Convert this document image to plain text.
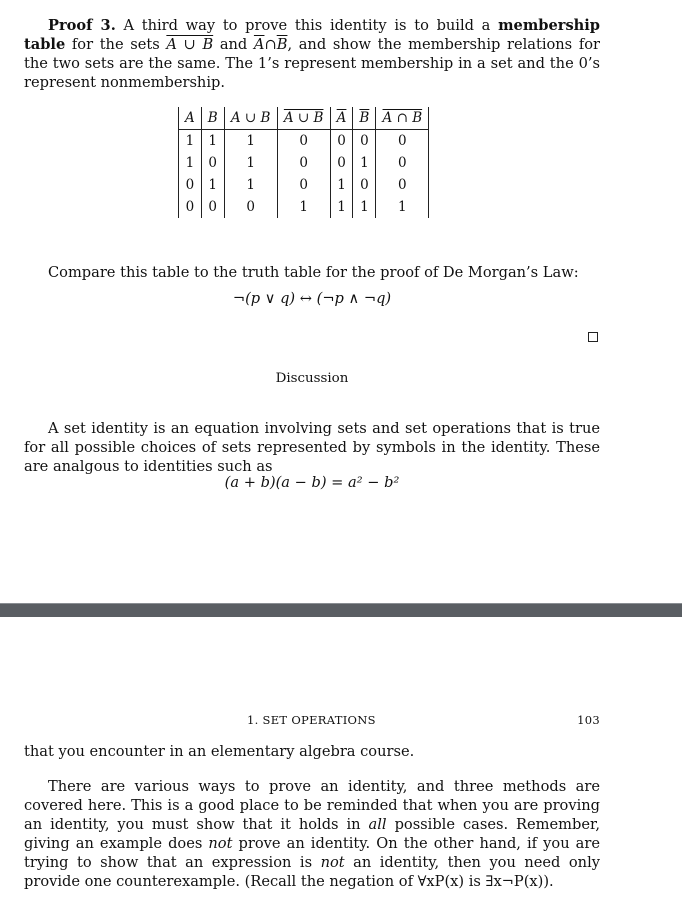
Proof 3. A third way to prove this identity is to build a membership table for the sets A ∪ B and $\overline{A}\cap\overline{B}$, and show the membership relations for the two sets are the same. The 1’s represent membership in a set and the 0’s represent nonmembership.

A	B	A ∪ B	A ∪ B	$\overline{A}$	$\overline{B}$	A ∩ B
1	1	1	0	0	0	0
1	0	1	0	0	1	0
0	1	1	0	1	0	0
0	0	0	1	1	1	1

Compare this table to the truth table for the proof of De Morgan’s Law:

¬(p ∨ q) ↔ (¬p ∧ ¬q)
Discussion

A set identity is an equation involving sets and set operations that is true for all possible choices of sets represented by symbols in the identity. These are analgous to identities such as

(a + b)(a − b) = a² − b²
1. SET OPERATIONS	103

that you encounter in an elementary algebra course.

There are various ways to prove an identity, and three methods are covered here. This is a good place to be reminded that when you are proving an identity, you must show that it holds in all possible cases. Remember, giving an example does not prove an identity. On the other hand, if you are trying to show that an expression is not an identity, then you need only provide one counterexample. (Recall the negation of ∀xP(x) is ∃x¬P(x)).
